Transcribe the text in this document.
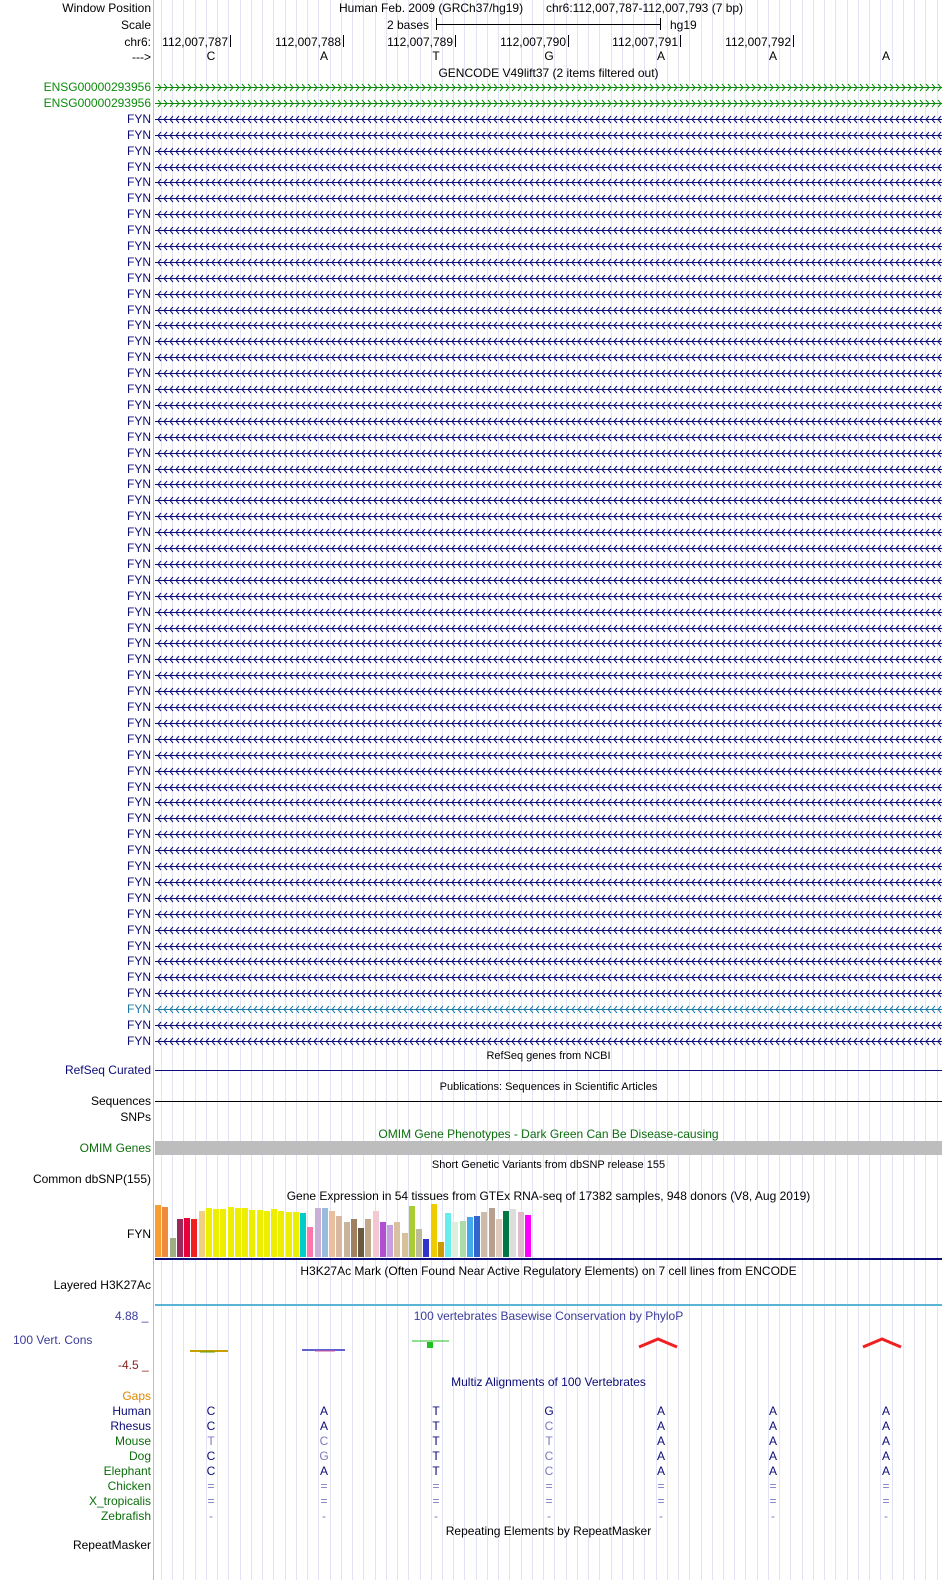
Window Position	Human Feb. 2009 (GRCh37/hg19) chr6:112,007,787-112,007,793 (7 bp)
Scale	2 bases	hg19
chr6: 112,007,787	112,007,788	112,007,789	112,007,790	112,007,791	112,007,792
--->	C	A	T	G	A	A	A
GENCODE V49lift37 (2 items filtered out)
ENSG00000293956
ENSG00000293956
FYN
FYN
FYN
FYN
FYN
FYN
FYN
FYN
FYN
FYN
FYN
FYN
FYN
FYN
FYN
FYN
FYN
FYN
FYN
FYN
FYN
FYN
FYN
FYN
FYN
FYN
FYN
FYN
FYN
FYN
FYN
FYN
FYN
FYN
FYN
FYN
FYN
FYN
FYN
FYN
FYN
FYN
FYN
FYN
FYN
FYN
FYN
FYN
FYN
FYN
FYN
FYN
FYN
FYN
FYN
FYN
FYN
FYN
FYN
RefSeq genes from NCBI
RefSeq Curated
Publications: Sequences in Scientific Articles
Sequences
SNPs
OMIM Gene Phenotypes - Dark Green Can Be Disease-causing
OMIM Genes
Short Genetic Variants from dbSNP release 155
Common dbSNP(155)
Gene Expression in 54 tissues from GTEx RNA-seq of 17382 samples, 948 donors (V8, Aug 2019)
FYN
H3K27Ac Mark (Often Found Near Active Regulatory Elements) on 7 cell lines from ENCODE
Layered H3K27Ac
100 vertebrates Basewise Conservation by PhyloP
4.88 _
100 Vert. Cons
-4.5 _
Multiz Alignments of 100 Vertebrates
Gaps
Human	C	A	T	G	A	A	A
Rhesus	C	A	T	C	A	A	A
Mouse	T	C	T	T	A	A	A
Dog	C	G	T	C	A	A	A
Elephant	C	A	T	C	A	A	A
Chicken	=	=	=	=	=	=	=
X_tropicalis	=	=	=	=	=	=	=
Zebrafish	-	-	-	-	-	-	-
Repeating Elements by RepeatMasker
RepeatMasker
